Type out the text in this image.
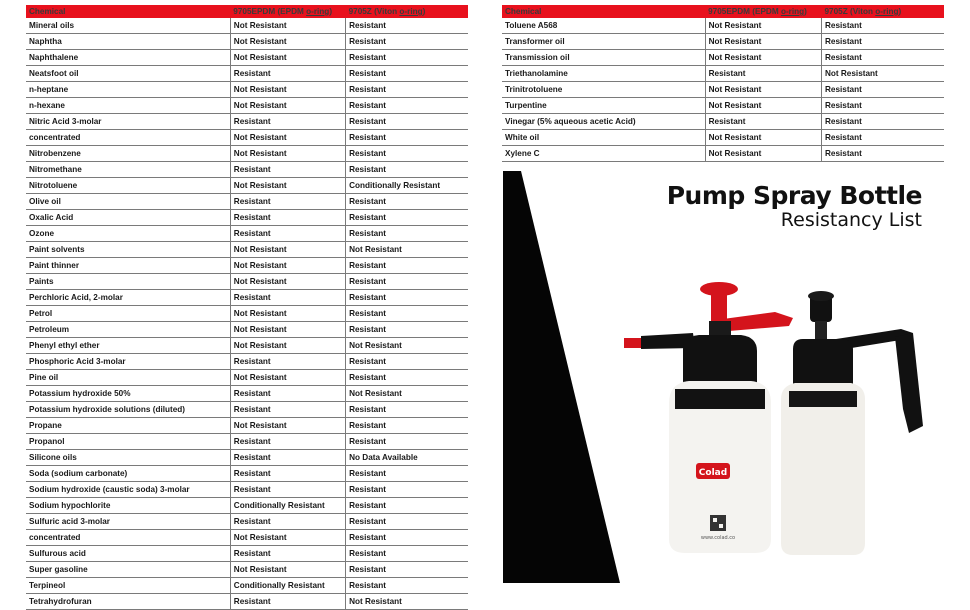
Chemical	9705EPDM (EPDM o-ring)	9705Z (Viton o-ring)
Mineral oils	Not Resistant	Resistant
Naphtha	Not Resistant	Resistant
Naphthalene	Not Resistant	Resistant
Neatsfoot oil	Resistant	Resistant
n-heptane	Not Resistant	Resistant
n-hexane	Not Resistant	Resistant
Nitric Acid 3-molar	Resistant	Resistant
concentrated	Not Resistant	Resistant
Nitrobenzene	Not Resistant	Resistant
Nitromethane	Resistant	Resistant
Nitrotoluene	Not Resistant	Conditionally Resistant
Olive oil	Resistant	Resistant
Oxalic Acid	Resistant	Resistant
Ozone	Resistant	Resistant
Paint solvents	Not Resistant	Not Resistant
Paint thinner	Not Resistant	Resistant
Paints	Not Resistant	Resistant
Perchloric Acid, 2-molar	Resistant	Resistant
Petrol	Not Resistant	Resistant
Petroleum	Not Resistant	Resistant
Phenyl ethyl ether	Not Resistant	Not Resistant
Phosphoric Acid 3-molar	Resistant	Resistant
Pine oil	Not Resistant	Resistant
Potassium hydroxide 50%	Resistant	Not Resistant
Potassium hydroxide solutions (diluted)	Resistant	Resistant
Propane	Not Resistant	Resistant
Propanol	Resistant	Resistant
Silicone oils	Resistant	No Data Available
Soda (sodium carbonate)	Resistant	Resistant
Sodium hydroxide (caustic soda) 3-molar	Resistant	Resistant
Sodium hypochlorite	Conditionally Resistant	Resistant
Sulfuric acid 3-molar	Resistant	Resistant
concentrated	Not Resistant	Resistant
Sulfurous acid	Resistant	Resistant
Super gasoline	Not Resistant	Resistant
Terpineol	Conditionally Resistant	Resistant
Tetrahydrofuran	Resistant	Not Resistant
Chemical	9705EPDM (EPDM o-ring)	9705Z (Viton o-ring)
Toluene A568	Not Resistant	Resistant
Transformer oil	Not Resistant	Resistant
Transmission oil	Not Resistant	Resistant
Triethanolamine	Resistant	Not Resistant
Trinitrotoluene	Not Resistant	Resistant
Turpentine	Not Resistant	Resistant
Vinegar (5% aqueous acetic Acid)	Resistant	Resistant
White oil	Not Resistant	Resistant
Xylene C	Not Resistant	Resistant
Colad
www.colad.co
Pump Spray Bottle
Resistancy List
